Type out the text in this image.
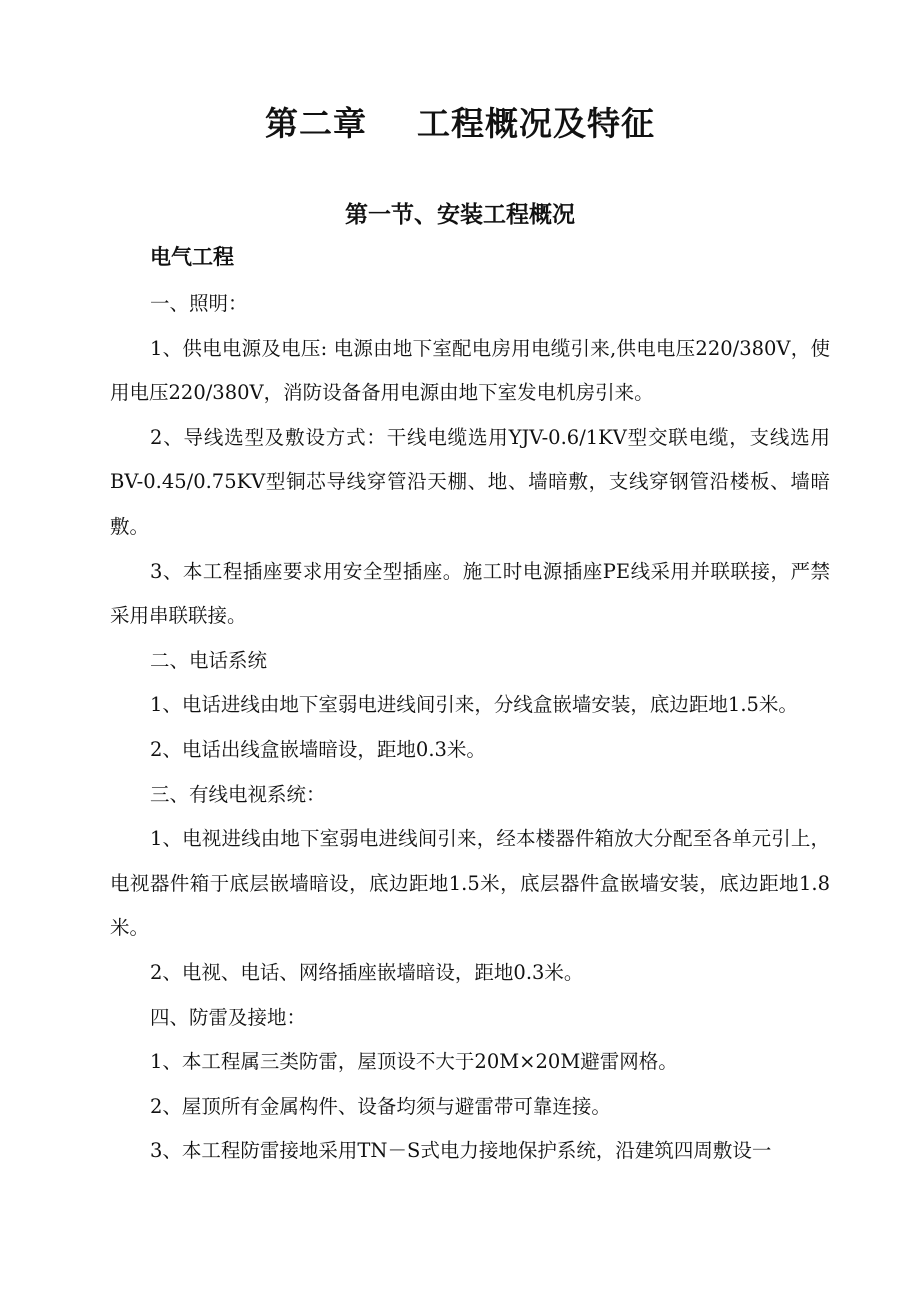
第二章    工程概况及特征
第一节、安装工程概况
电气工程

一、照明：

1、供电电源及电压: 电源由地下室配电房用电缆引来,供电电压220/380V，使用电压220/380V，消防设备备用电源由地下室发电机房引来。

2、导线选型及敷设方式：干线电缆选用YJV-0.6/1KV型交联电缆，支线选用BV-0.45/0.75KV型铜芯导线穿管沿天棚、地、墙暗敷，支线穿钢管沿楼板、墙暗敷。

3、本工程插座要求用安全型插座。施工时电源插座PE线采用并联联接，严禁采用串联联接。

二、电话系统

1、电话进线由地下室弱电进线间引来，分线盒嵌墙安装，底边距地1.5米。

2、电话出线盒嵌墙暗设，距地0.3米。

三、有线电视系统：

1、电视进线由地下室弱电进线间引来，经本楼器件箱放大分配至各单元引上，电视器件箱于底层嵌墙暗设，底边距地1.5米，底层器件盒嵌墙安装，底边距地1.8米。

2、电视、电话、网络插座嵌墙暗设，距地0.3米。

四、防雷及接地：

1、本工程属三类防雷，屋顶设不大于20M×20M避雷网格。

2、屋顶所有金属构件、设备均须与避雷带可靠连接。

3、本工程防雷接地采用TN－S式电力接地保护系统，沿建筑四周敷设一
